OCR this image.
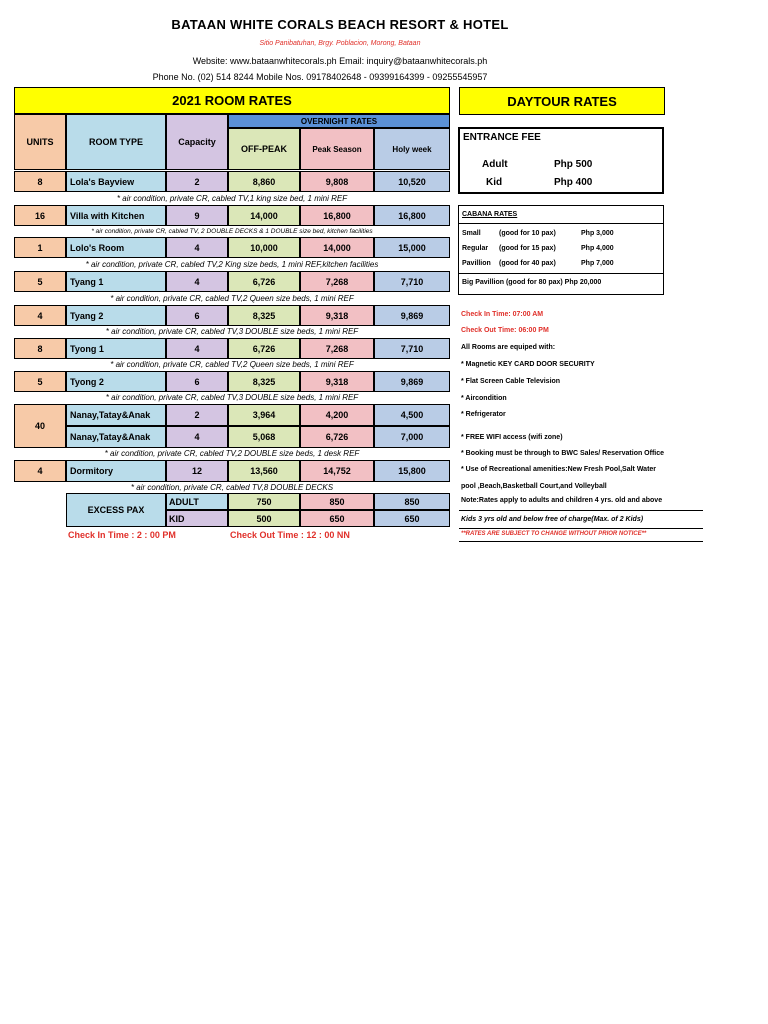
BATAAN WHITE CORALS BEACH RESORT & HOTEL
Sitio Panibatuhan, Brgy. Poblacion, Morong, Bataan
Website: www.bataanwhitecorals.ph Email: inquiry@bataanwhitecorals.ph
Phone No. (02) 514 8244 Mobile Nos. 09178402648 - 09399164399 - 09255545957
2021 ROOM RATES
UNITS	ROOM TYPE	Capacity
OVERNIGHT RATES
OFF-PEAK	Peak Season	Holy week
8	Lola's Bayview	2	8,860	9,808	10,520
* air condition, private CR, cabled TV,1 king size bed, 1 mini REF
16	Villa with Kitchen	9	14,000	16,800	16,800
* air condition, private CR, cabled TV, 2 DOUBLE DECKS & 1 DOUBLE size bed, kitchen facilities
1	Lolo's Room	4	10,000	14,000	15,000
* air condition, private CR, cabled TV,2 King size beds, 1 mini REF,kitchen facilities
5	Tyang 1	4	6,726	7,268	7,710
* air condition, private CR, cabled TV,2 Queen size beds, 1 mini REF
4	Tyang 2	6	8,325	9,318	9,869
* air condition, private CR, cabled TV,3 DOUBLE size beds, 1 mini REF
8	Tyong 1	4	6,726	7,268	7,710
* air condition, private CR, cabled TV,2 Queen size beds, 1 mini REF
5	Tyong 2	6	8,325	9,318	9,869
* air condition, private CR, cabled TV,3 DOUBLE size beds, 1 mini REF
40
Nanay,Tatay&Anak	2	3,964	4,200	4,500
Nanay,Tatay&Anak	4	5,068	6,726	7,000
* air condition, private CR, cabled TV,2 DOUBLE size beds, 1 desk REF
4	Dormitory	12	13,560	14,752	15,800
* air condition, private CR, cabled TV,8 DOUBLE DECKS
EXCESS PAX
ADULT	750	850	850
KID	500	650	650
Check In Time : 2 : 00 PM	Check Out Time : 12 : 00 NN
DAYTOUR RATES
ENTRANCE FEE
Adult	Php 500
Kid	Php 400
CABANA RATES
Small	(good for 10 pax)	Php 3,000
Regular (good for 15 pax)	Php 4,000
Pavillion (good for 40 pax)	Php 7,000
Big Pavillion (good for 80 pax) Php 20,000
Check In Time: 07:00 AM
Check Out Time: 06:00 PM
All Rooms are equiped with:
* Magnetic KEY CARD DOOR SECURITY
* Flat Screen Cable Television
* Aircondition
* Refrigerator
* FREE WIFI access (wifi zone)
* Booking must be through to BWC Sales/ Reservation Office
* Use of Recreational amenities:New Fresh Pool,Salt Water
pool ,Beach,Basketball Court,and Volleyball
Note:Rates apply to adults and children 4 yrs. old and above
Kids 3 yrs old and below free of charge(Max. of 2 Kids)
**RATES ARE SUBJECT TO CHANGE WITHOUT PRIOR NOTICE**
